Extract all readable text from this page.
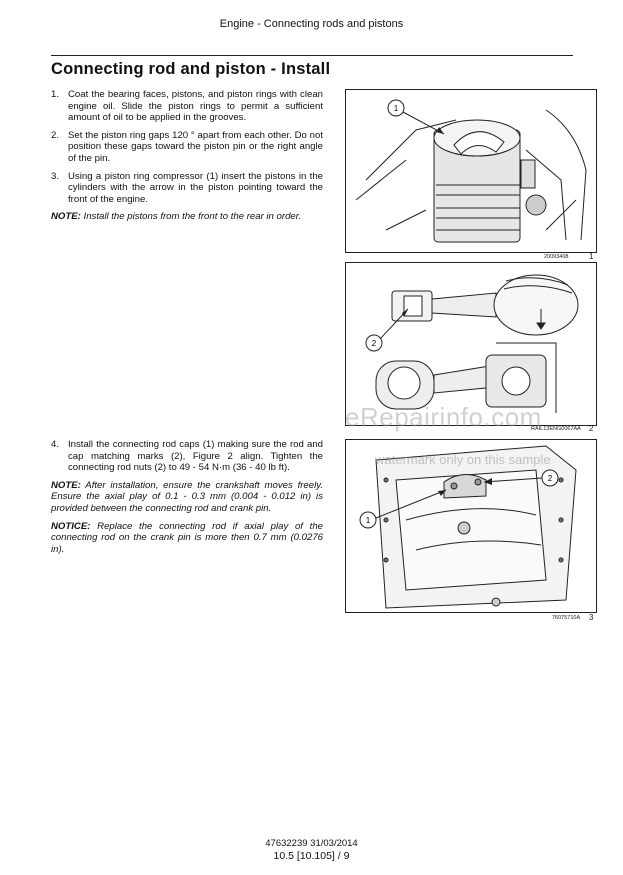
Engine - Connecting rods and pistons
Connecting rod and piston - Install
1. Coat the bearing faces, pistons, and piston rings with clean engine oil. Slide the piston rings to permit a sufficient amount of oil to be applied in the grooves.
2. Set the piston ring gaps 120 ° apart from each other. Do not position these gaps toward the piston pin or the right angle of the pin.
3. Using a piston ring compressor (1) insert the pistons in the cylinders with the arrow in the piston pointing toward the front of the engine.
NOTE: Install the pistons from the front to the rear in order.
4. Install the connecting rod caps (1) making sure the rod and cap matching marks (2), Figure 2 align. Tighten the connecting rod nuts (2) to 49 - 54 N·m (36 - 40 lb ft).
NOTE: After installation, ensure the crankshaft moves freely. Ensure the axial play of 0.1 - 0.3 mm (0.004 - 0.012 in) is provided between the connecting rod and crank pin.
NOTICE: Replace the connecting rod if axial play of the connecting rod on the crank pin is more then 0.7 mm (0.0276 in).
1
20093408	1
2
RAIL13ENG0067AA 2
1
2
76075710A 3
eRepairinfo.com
watermark only on this sample
47632239 31/03/2014
10.5 [10.105] / 9
